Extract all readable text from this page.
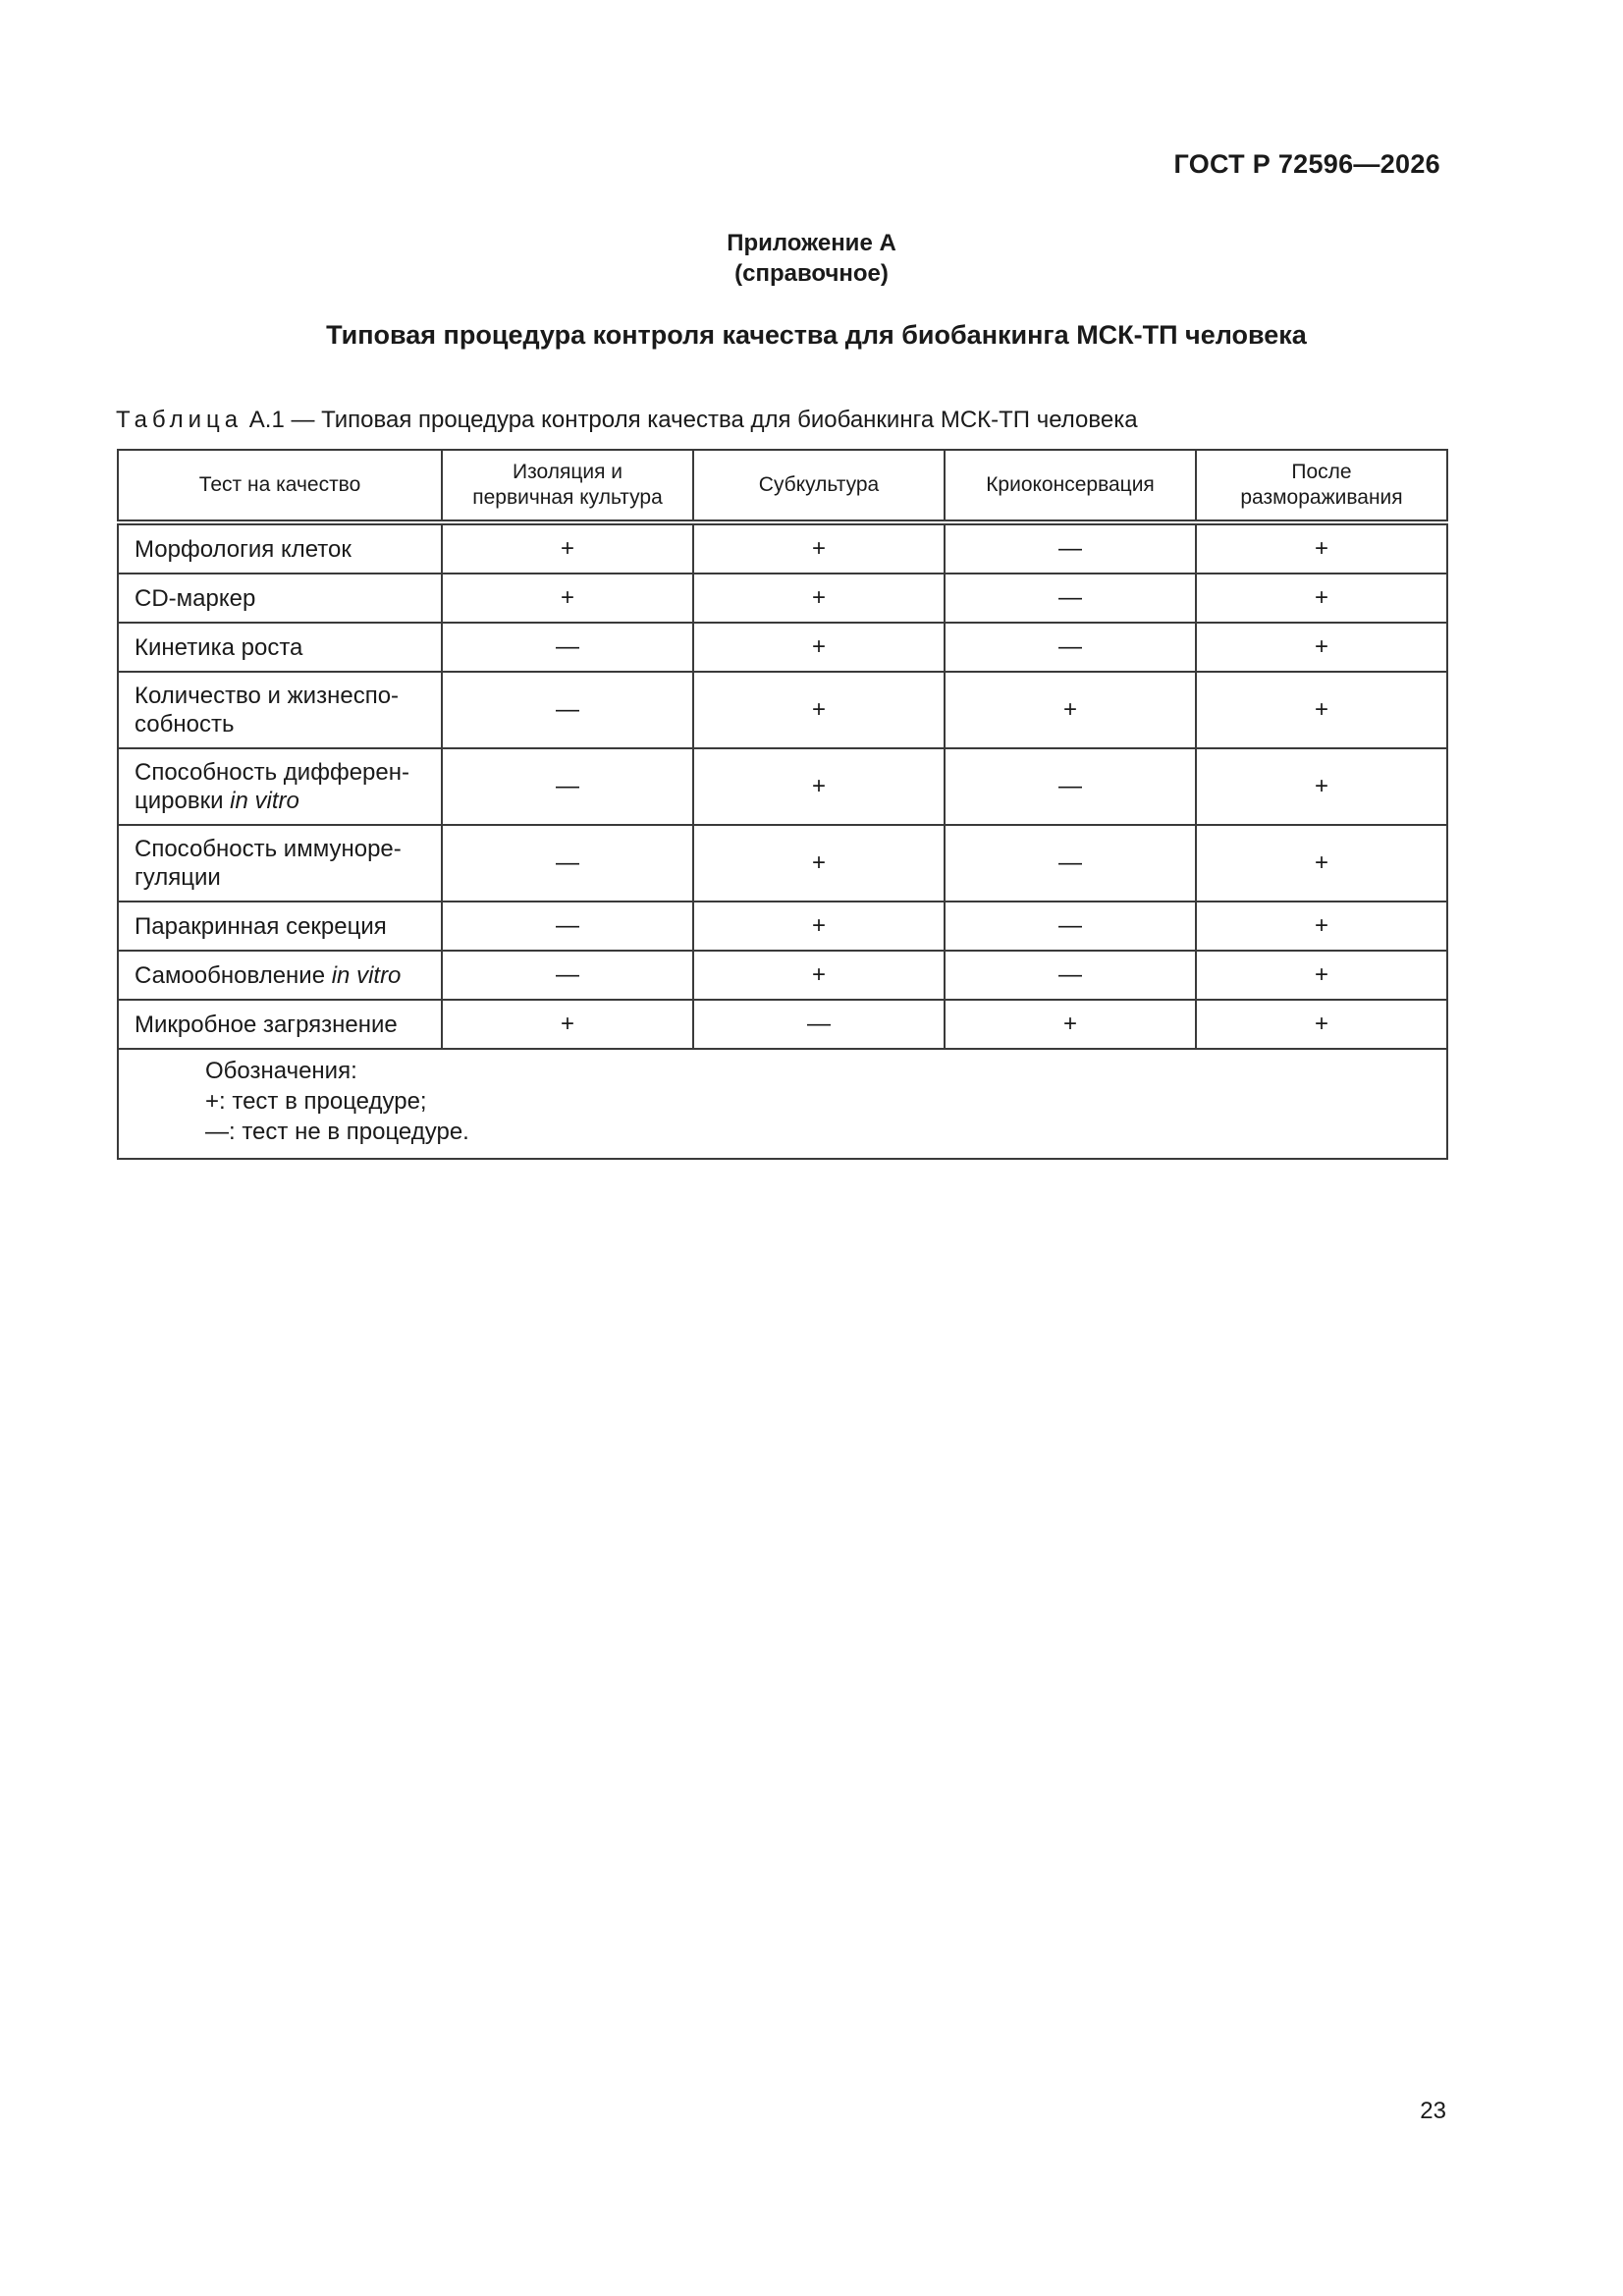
ГОСТ Р 72596—2026
Приложение А
(справочное)
Типовая процедура контроля качества для биобанкинга МСК-ТП человека
Таблица А.1 — Типовая процедура контроля качества для биобанкинга МСК-ТП человека
Тест на качество	Изоляция и первичная культура	Субкультура	Криоконсервация	После размораживания

Морфология клеток	+	+	—	+
CD-маркер	+	+	—	+
Кинетика роста	—	+	—	+
Количество и жизнеспо-
собность	—	+	+	+
Способность дифферен-
цировки in vitro	—	+	—	+
Способность иммуноре-
гуляции	—	+	—	+
Паракринная секреция	—	+	—	+
Самообновление in vitro	—	+	—	+
Микробное загрязнение	+	—	+	+

Обозначения:
+: тест в процедуре;
—: тест не в процедуре.				
23
